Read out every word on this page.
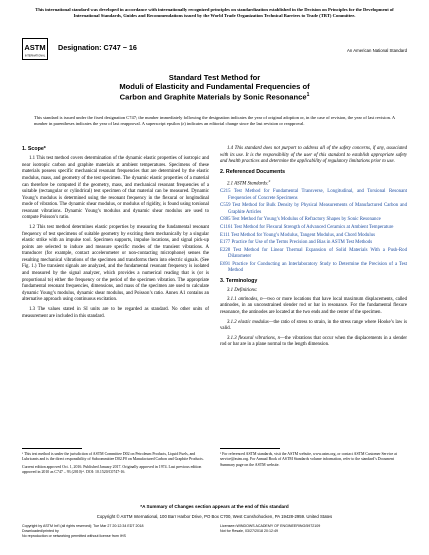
This international standard was developed in accordance with internationally recognized principles on standardization established in the Decision on Principles for the Development of International Standards, Guides and Recommendations issued by the World Trade Organization Technical Barriers to Trade (TBT) Committee.
ASTM
INTERNATIONAL
Designation: C747 − 16	An American National Standard
Standard Test Method for
Moduli of Elasticity and Fundamental Frequencies of
Carbon and Graphite Materials by Sonic Resonance$^1$
This standard is issued under the fixed designation C747; the number immediately following the designation indicates the year of original adoption or, in the case of revision, the year of last revision. A number in parentheses indicates the year of last reapproval. A superscript epsilon (ε) indicates an editorial change since the last revision or reapproval.
1. Scope*

1.1 This test method covers determination of the dynamic elastic properties of isotropic and near isotropic carbon and graphite materials at ambient temperatures. Specimens of these materials possess specific mechanical resonant frequencies that are determined by the elastic modulus, mass, and geometry of the test specimen. The dynamic elastic properties of a material can therefore be computed if the geometry, mass, and mechanical resonant frequencies of a suitable (rectangular or cylindrical) test specimen of that material can be measured. Dynamic Young’s modulus is determined using the resonant frequency in the flexural or longitudinal mode of vibration. The dynamic shear modulus, or modulus of rigidity, is found using torsional resonant vibrations. Dynamic Young’s modulus and dynamic shear modulus are used to compute Poisson’s ratio.

1.2 This test method determines elastic properties by measuring the fundamental resonant frequency of test specimens of suitable geometry by exciting them mechanically by a singular elastic strike with an impulse tool. Specimen supports, impulse locations, and signal pick-up points are selected to induce and measure specific modes of the transient vibrations. A transducer (for example, contact accelerometer or non-contacting microphone) senses the resulting mechanical vibrations of the specimen and transforms them into electric signals. (See Fig. 1.) The transient signals are analyzed, and the fundamental resonant frequency is isolated and measured by the signal analyzer, which provides a numerical reading that is (or is proportional to) either the frequency or the period of the specimen vibration. The appropriate fundamental resonant frequencies, dimensions, and mass of the specimen are used to calculate dynamic Young’s modulus, dynamic shear modulus, and Poisson’s ratio. Annex A1 contains an alternative approach using continuous excitation.

1.3 The values stated in SI units are to be regarded as standard. No other units of measurement are included in this standard.

1.4 This standard does not purport to address all of the safety concerns, if any, associated with its use. It is the responsibility of the user of this standard to establish appropriate safety and health practices and determine the applicability of regulatory limitations prior to use.

2. Referenced Documents
2.1 ASTM Standards:$^2$
C215 Test Method for Fundamental Transverse, Longitudinal, and Torsional Resonant Frequencies of Concrete Specimens
C559 Test Method for Bulk Density by Physical Measurements of Manufactured Carbon and Graphite Articles
C885 Test Method for Young’s Modulus of Refractory Shapes by Sonic Resonance
C1161 Test Method for Flexural Strength of Advanced Ceramics at Ambient Temperature
E111 Test Method for Young’s Modulus, Tangent Modulus, and Chord Modulus
E177 Practice for Use of the Terms Precision and Bias in ASTM Test Methods
E228 Test Method for Linear Thermal Expansion of Solid Materials With a Push-Rod Dilatometer
E691 Practice for Conducting an Interlaboratory Study to Determine the Precision of a Test Method
3. Terminology
3.1 Definitions:

3.1.1 antinodes, n—two or more locations that have local maximum displacements, called antinodes, in an unconstrained slender rod or bar in resonance. For the fundamental flexure resonance, the antinodes are located at the two ends and the center of the specimen.

3.1.2 elastic modulus—the ratio of stress to strain, in the stress range where Hooke’s law is valid.

3.1.3 flexural vibrations, n—the vibrations that occur when the displacements in a slender rod or bar are in a plane normal to the length dimension.

¹ This test method is under the jurisdiction of ASTM Committee D02 on Petroleum Products, Liquid Fuels, and Lubricants and is the direct responsibility of Subcommittee D02.F0 on Manufactured Carbon and Graphite Products.
Current edition approved Oct. 1, 2016. Published January 2017. Originally approved in 1974. Last previous edition approved in 2010 as C747 – 93 (2010)ᵉ¹. DOI: 10.1520/C0747-16.
² For referenced ASTM standards, visit the ASTM website, www.astm.org, or contact ASTM Customer Service at service@astm.org. For Annual Book of ASTM Standards volume information, refer to the standard’s Document Summary page on the ASTM website.
*A Summary of Changes section appears at the end of this standard
Copyright © ASTM International, 100 Barr Harbor Drive, PO Box C700, West Conshohocken, PA 19428-2959. United States
Copyright by ASTM Int'l (all rights reserved); Tue Mar 27 20:12:34 EDT 2018
Downloaded/printed by
No reproduction or networking permitted without license from IHS
Licensee=WINDOWS ACADEMY OF ENGINEERING/5972109
Not for Resale, 03/27/2018 20:12:49
